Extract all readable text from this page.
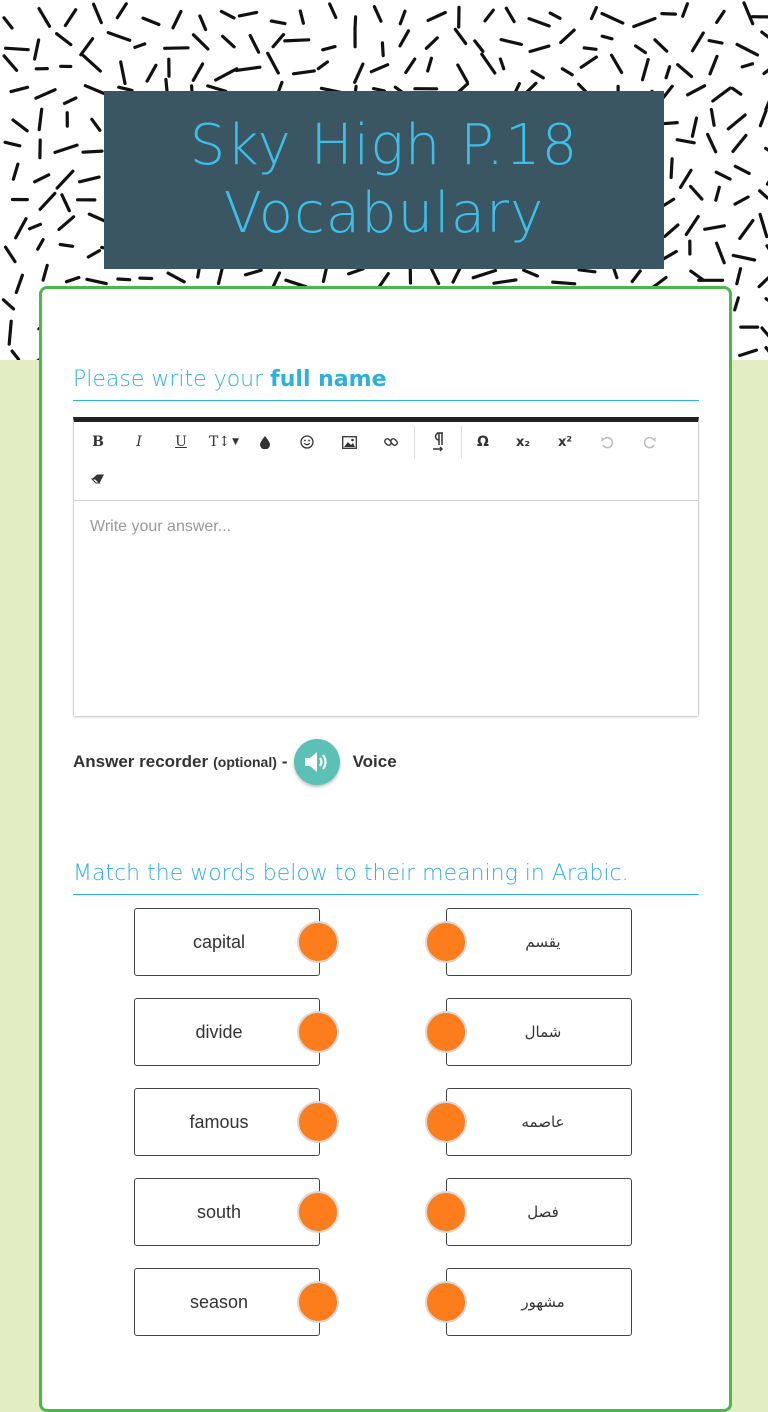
Sky High P.18
Vocabulary
Please write your full name
B	I	U	T↕ ▼	Ω	x₂	x²
Write your answer...
Answer recorder (optional) -	Voice
Match the words below to their meaning in Arabic.
capital	يقسم
divide	شمال
famous	عاصمه
south	فصل
season	مشهور
